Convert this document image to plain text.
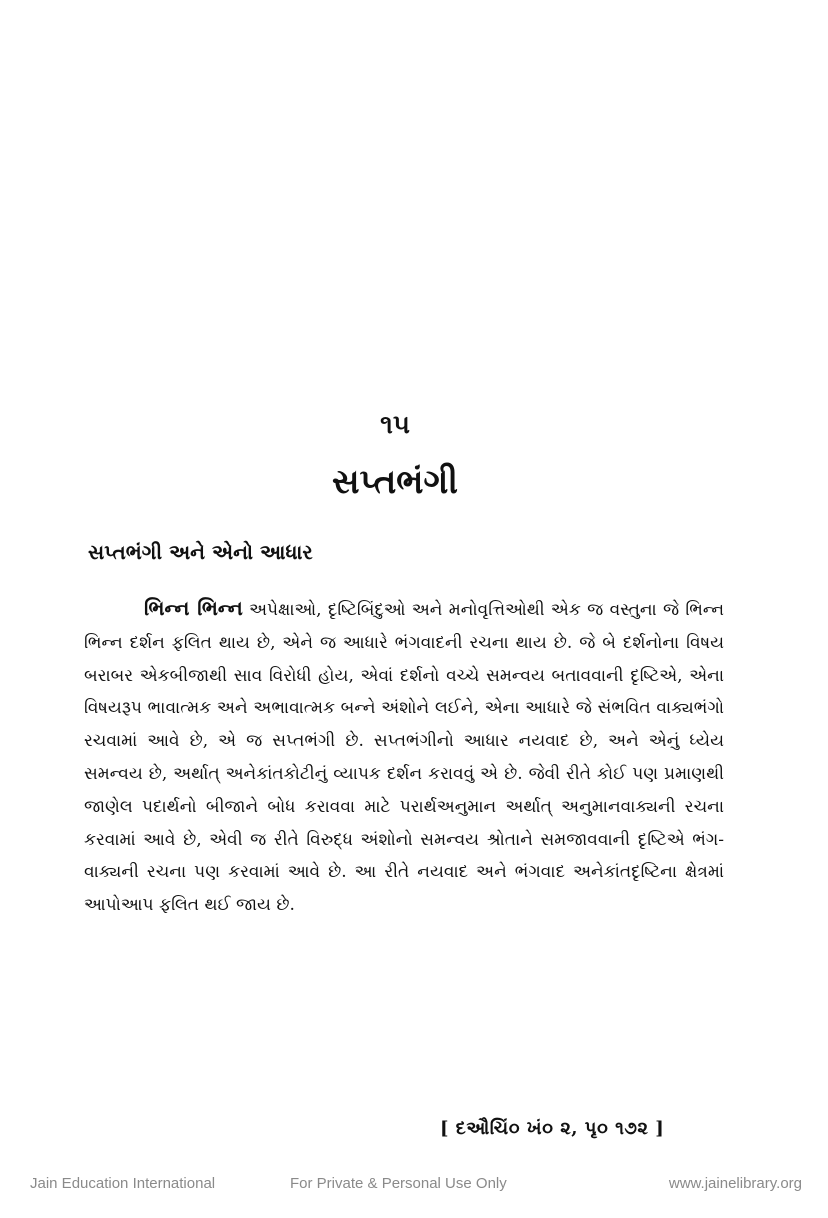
૧૫
સપ્તભંગી
સપ્તભંગી અને એનો આધાર

ભિન્ન ભિન્ન અપેક્ષાઓ, દૃષ્ટિબિંદુઓ અને મનોવૃત્તિઓથી એક જ વસ્તુના જે ભિન્ન ભિન્ન દર્શન ફલિત થાય છે, એને જ આધારે ભંગવાદની રચના થાય છે. જે બે દર્શનોના વિષય બરાબર એકબીજાથી સાવ વિરોધી હોય, એવાં દર્શનો વચ્ચે સમન્વય બતાવવાની દૃષ્ટિએ, એના વિષયરૂપ ભાવાત્મક અને અભાવાત્મક બન્ને અંશોને લઈને, એના આધારે જે સંભવિત વાક્યભંગો રચવામાં આવે છે, એ જ સપ્તભંગી છે. સપ્તભંગીનો આધાર નયવાદ છે, અને એનું ધ્યેય સમન્વય છે, અર્થાત્ અનેકાંતકોટીનું વ્યાપક દર્શન કરાવવું એ છે. જેવી રીતે કોઈ પણ પ્રમાણથી જાણેલ પદાર્થનો બીજાને બોધ કરાવવા માટે પરાર્થઅનુમાન અર્થાત્ અનુમાનવાક્યની રચના કરવામાં આવે છે, એવી જ રીતે વિરુદ્ધ અંશોનો સમન્વય શ્રોતાને સમજાવવાની દૃષ્ટિએ ભંગ-વાક્યની રચના પણ કરવામાં આવે છે. આ રીતે નયવાદ અને ભંગવાદ અનેકાંતદૃષ્ટિના ક્ષેત્રમાં આપોઆપ ફલિત થઈ જાય છે.

[ દઔચિં૦ ખં૦ ૨, પૃ૦ ૧૭૨ ]
Jain Education International	For Private & Personal Use Only	www.jainelibrary.org
